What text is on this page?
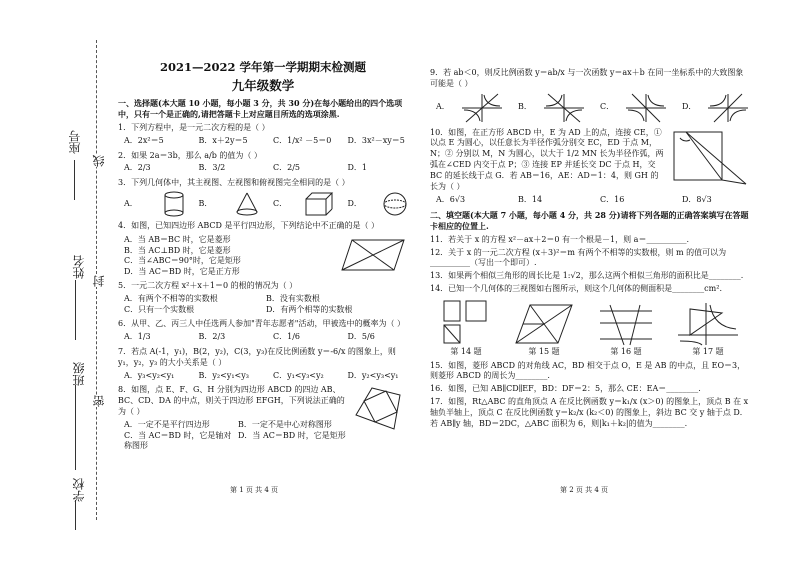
座号
姓名
班级
学校
线
封
密
2021—2022 学年第一学期期末检测题
九年级数学
一、选择题(本大题 10 小题，每小题 3 分，共 30 分)在每小题给出的四个选项中，只有一个是正确的,请把答题卡上对应题目所选的选项涂黑.
1．下列方程中，是一元二次方程的是（ ）
A．2x²＝5	B．x＋2y＝5	C．1/x² －5＝0 D．3x²－xy＝5
2．如果 2a＝3b，那么 a/b 的值为（ ）
A．2/3	B．3/2	C．2/5	D．1
3．下列几何体中，其主视图、左视图和俯视图完全相同的是（ ）
A．	B．	C．	D．
4．如图，已知四边形 ABCD 是平行四边形，下列结论中不正确的是（ ）
A．当 AB＝BC 时，它是菱形
B．当 AC⊥BD 时，它是菱形
C．当∠ABC＝90°时，它是矩形
D．当 AC＝BD 时，它是正方形
5．一元二次方程 x²＋x＋1＝0 的根的情况为（ ）
A．有两个不相等的实数根	B．没有实数根
C．只有一个实数根	D．有两个相等的实数根
6．从甲、乙、丙三人中任选两人参加"青年志愿者"活动，甲被选中的概率为（ ）
A．1/3	B．2/3	C．1/6	D．5/6
7．若点 A(-1，y₁)，B(2，y₂)，C(3，y₃)在反比例函数 y＝-6/x 的图象上，则 y₁，y₂，y₃ 的大小关系是（ ）
A．y₃<y₂<y₁	B．y₂<y₁<y₃	C．y₁<y₃<y₂	D．y₂<y₃<y₁
8．如图，点 E、F、G、H 分别为四边形 ABCD 的四边 AB、BC、CD、DA 的中点，则关于四边形 EFGH，下列说法正确的为（ ）
A．一定不是平行四边形	B．一定不是中心对称图形
C．当 AC＝BD 时，它是轴对称图形
D．当 AC＝BD 时，它是矩形
9．若 ab＜0，则反比例函数 y＝ab/x 与一次函数 y＝ax＋b 在同一坐标系中的大致图象可能是（ ）
A．	B．	C．	D．
10．如图，在正方形 ABCD 中，E 为 AD 上的点，连接 CE，①以点 E 为圆心，以任意长为半径作弧分别交 EC，ED 于点 M，N；② 分别以 M，N 为圆心，以大于 1/2 MN 长为半径作弧，两弧在∠CED 内交于点 P；③ 连接 EP 并延长交 DC 于点 H，交 BC 的延长线于点 G．若 AB＝16，AE：AD＝1：4，则 GH 的长为（ ）
A．6√3	B．14	C．16	D．8√3
二、填空题(本大题 7 小题，每小题 4 分，共 28 分)请将下列各题的正确答案填写在答题卡相应的位置上.
11．若关于 x 的方程 x²－ax＋2＝0 有一个根是－1，则 a＝__________.
12．关于 x 的一元二次方程 (x＋3)²＝m 有两个不相等的实数根，则 m 的值可以为__________（写出一个即可）.
13．如果两个相似三角形的周长比是 1:√2，那么这两个相似三角形的面积比是________.
14．已知一个几何体的三视图如右图所示，则这个几何体的侧面积是________cm².
第 14 题	第 15 题	第 16 题	第 17 题
15．如图，菱形 ABCD 的对角线 AC，BD 相交于点 O，E 是 AB 的中点，且 EO＝3，则菱形 ABCD 的周长为________.
16．如图，已知 AB∥CD∥EF，BD：DF＝2：5，那么 CE：EA＝________.
17．如图，Rt△ABC 的直角顶点 A 在反比例函数 y＝k₁/x (x＞0) 的图象上，顶点 B 在 x 轴负半轴上，顶点 C 在反比例函数 y＝k₂/x (k₂＜0) 的图象上，斜边 BC 交 y 轴于点 D．若 AB∥y 轴，BD＝2DC，△ABC 面积为 6，则|k₁＋k₂|的值为________.
第 1 页 共 4 页	第 2 页 共 4 页
